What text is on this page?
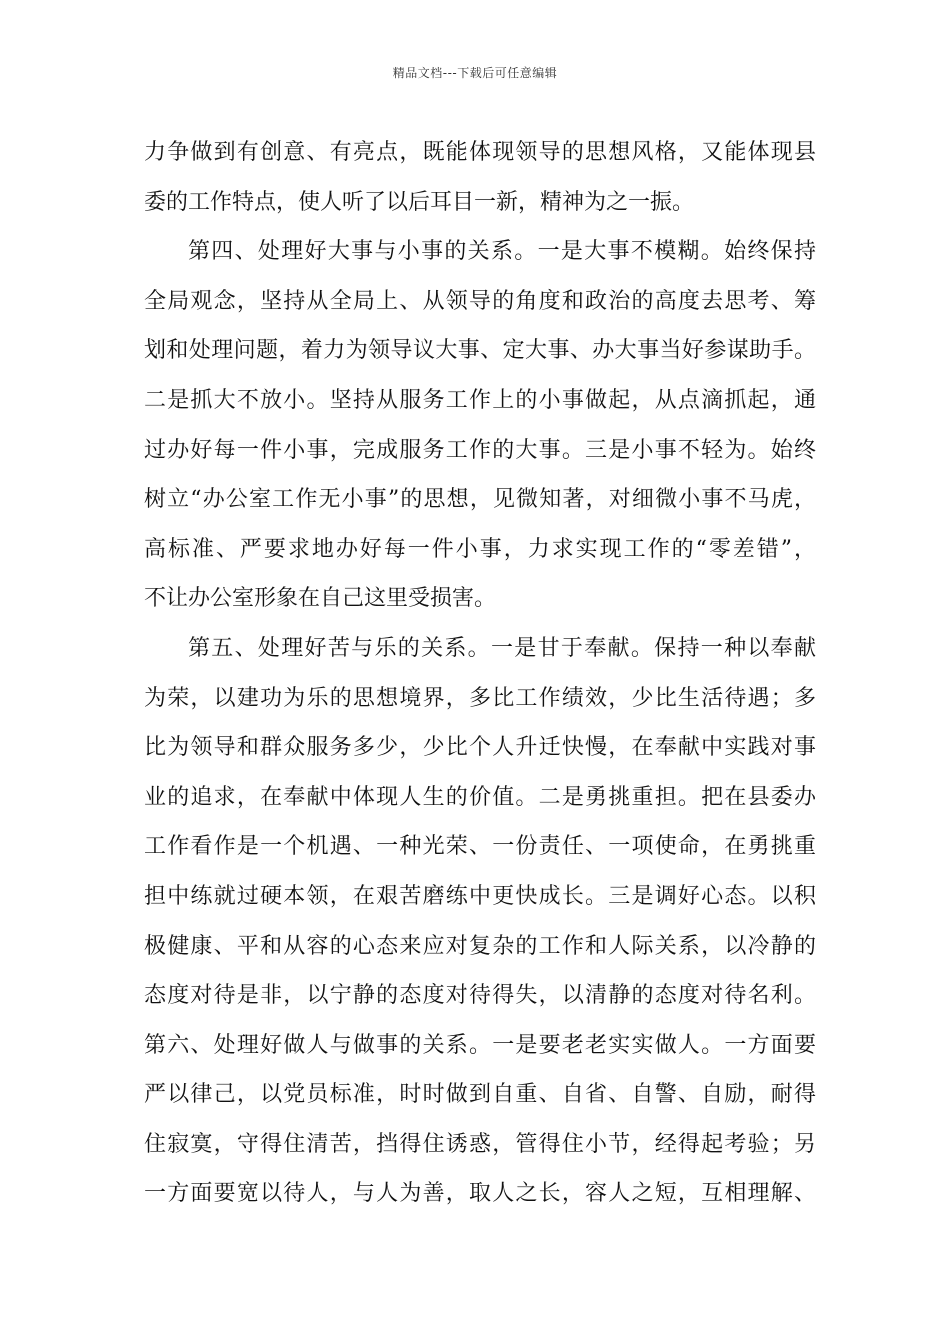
精品文档---下载后可任意编辑
力争做到有创意、有亮点，既能体现领导的思想风格，又能体现县
委的工作特点，使人听了以后耳目一新，精神为之一振。
第四、处理好大事与小事的关系。一是大事不模糊。始终保持
全局观念，坚持从全局上、从领导的角度和政治的高度去思考、筹
划和处理问题，着力为领导议大事、定大事、办大事当好参谋助手。
二是抓大不放小。坚持从服务工作上的小事做起，从点滴抓起，通
过办好每一件小事，完成服务工作的大事。三是小事不轻为。始终
树立“办公室工作无小事”的思想，见微知著，对细微小事不马虎，
高标准、严要求地办好每一件小事，力求实现工作的“零差错”，
不让办公室形象在自己这里受损害。
第五、处理好苦与乐的关系。一是甘于奉献。保持一种以奉献
为荣，以建功为乐的思想境界，多比工作绩效，少比生活待遇；多
比为领导和群众服务多少，少比个人升迁快慢，在奉献中实践对事
业的追求，在奉献中体现人生的价值。二是勇挑重担。把在县委办
工作看作是一个机遇、一种光荣、一份责任、一项使命，在勇挑重
担中练就过硬本领，在艰苦磨练中更快成长。三是调好心态。以积
极健康、平和从容的心态来应对复杂的工作和人际关系，以冷静的
态度对待是非，以宁静的态度对待得失，以清静的态度对待名利。
第六、处理好做人与做事的关系。一是要老老实实做人。一方面要
严以律己，以党员标准，时时做到自重、自省、自警、自励，耐得
住寂寞，守得住清苦，挡得住诱惑，管得住小节，经得起考验；另
一方面要宽以待人，与人为善，取人之长，容人之短，互相理解、
